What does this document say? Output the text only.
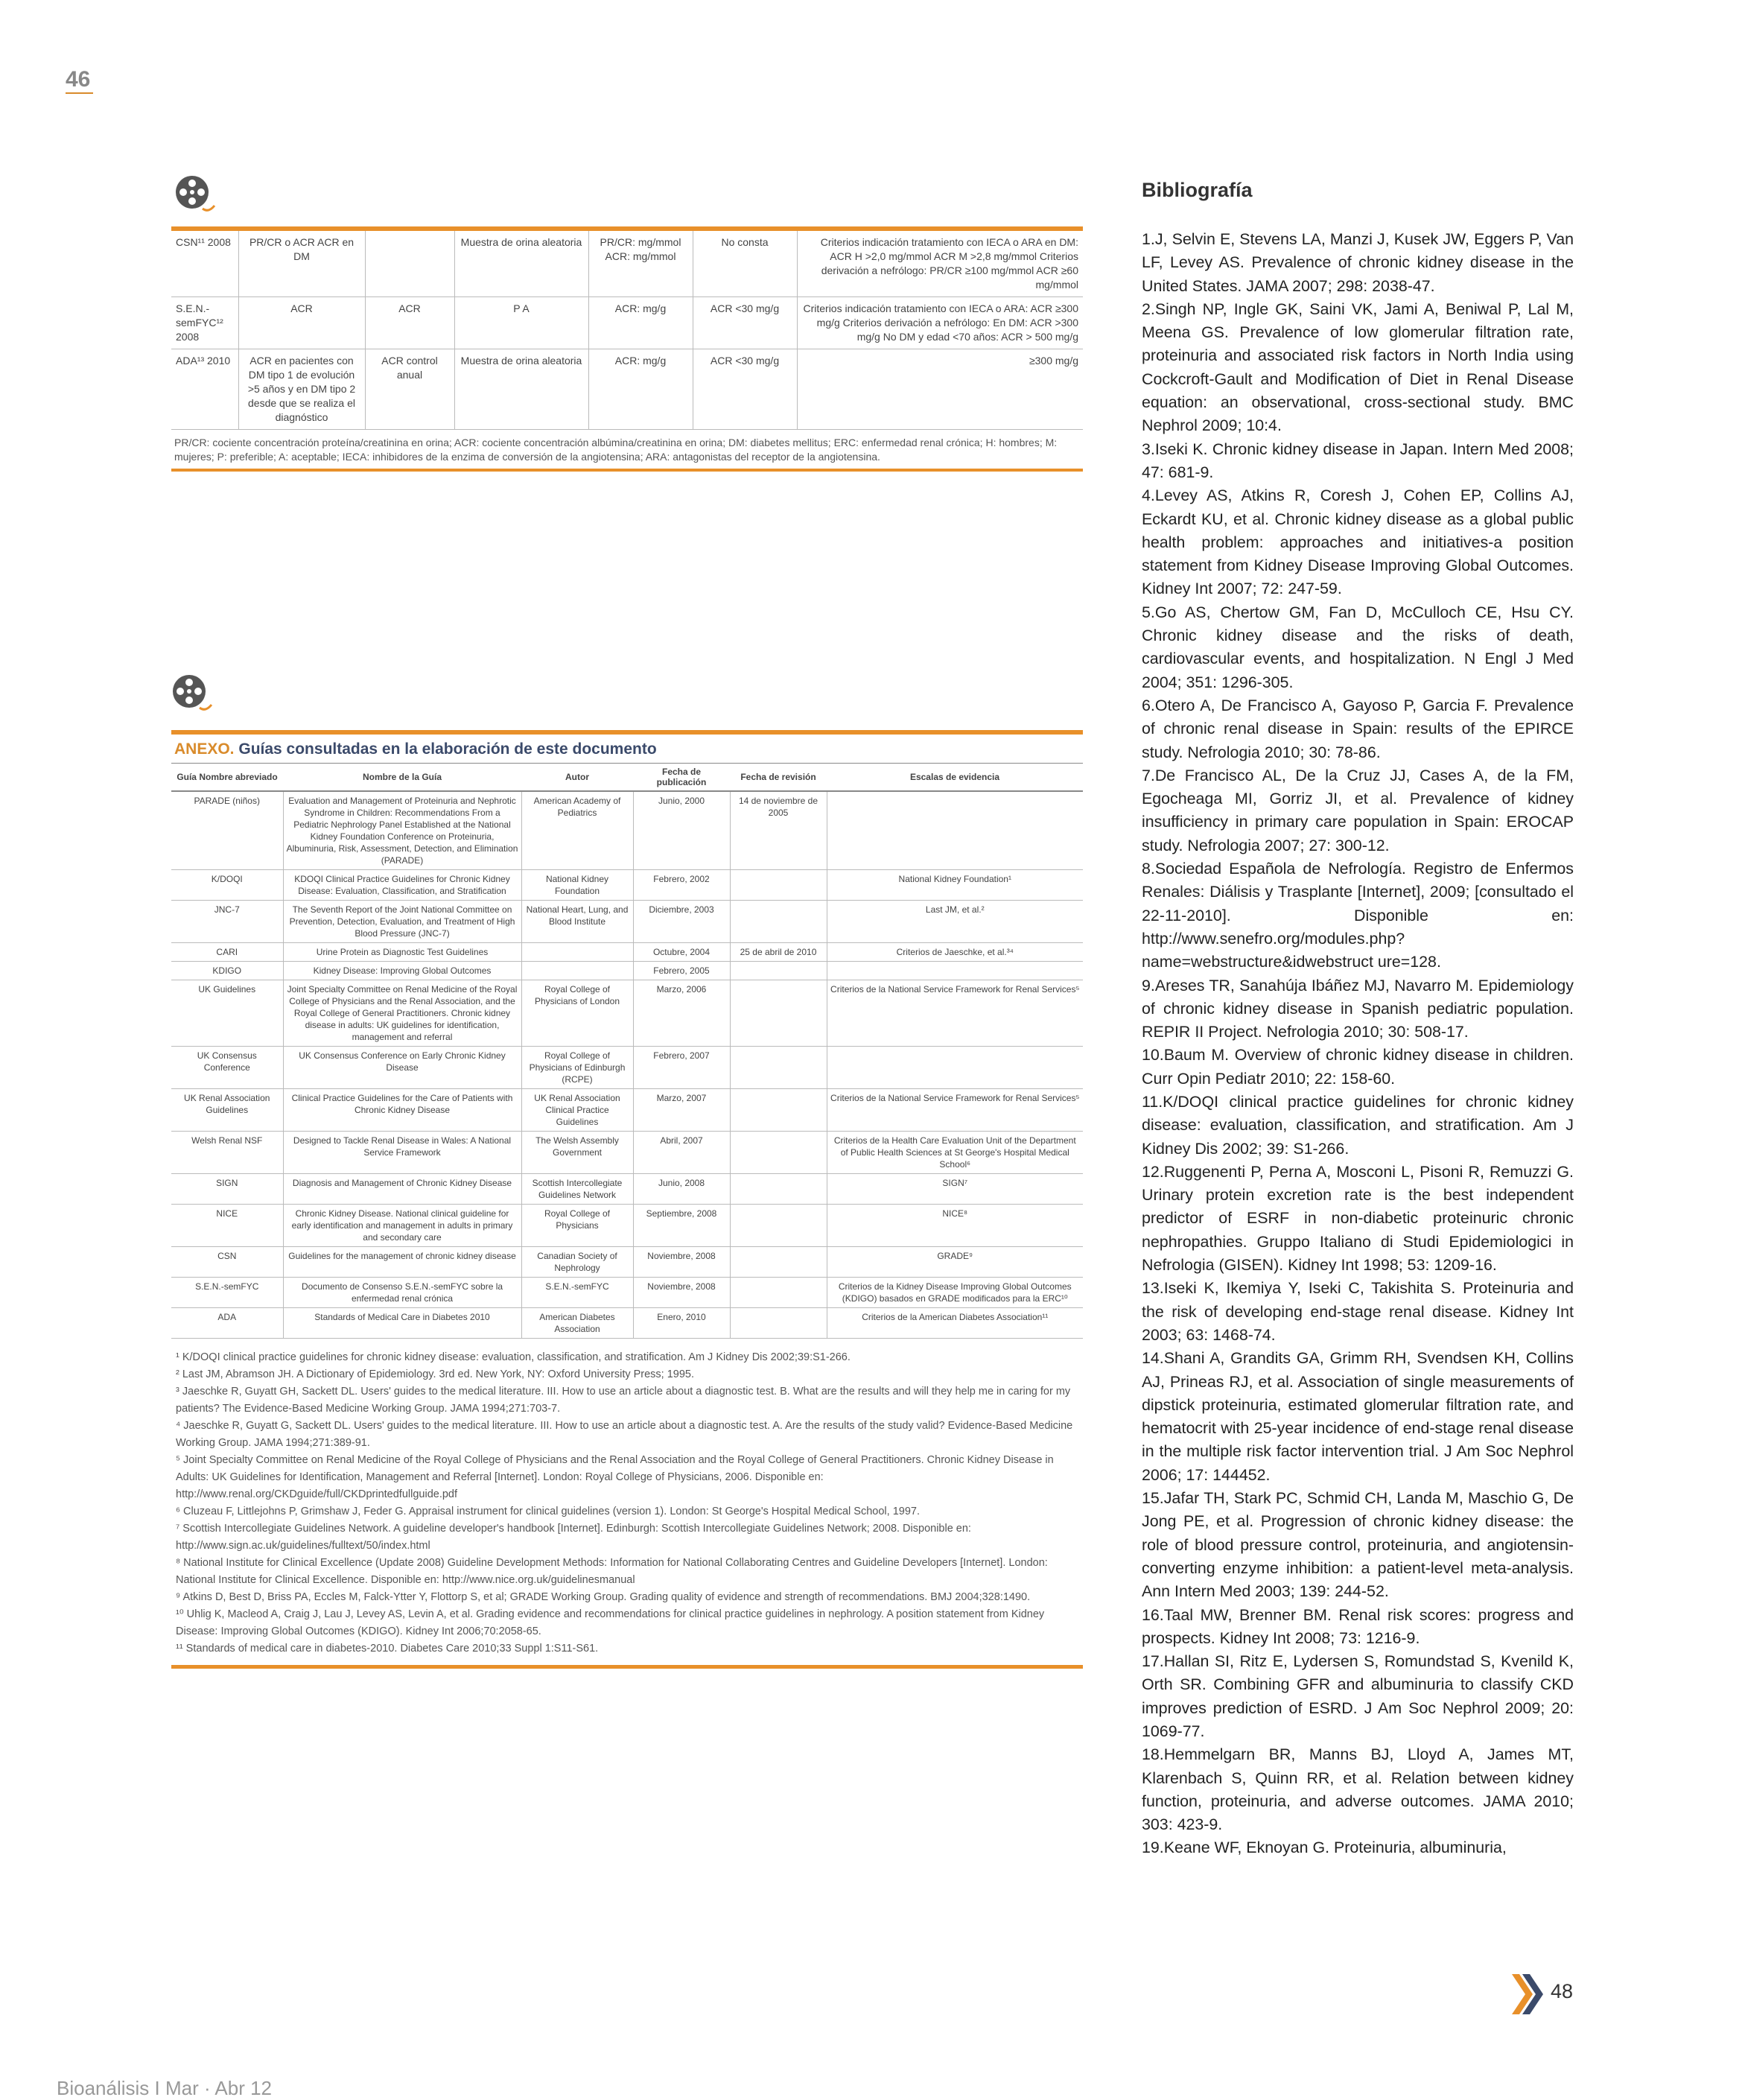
46
CSN¹¹ 2008	PR/CR o ACR ACR en DM		Muestra de orina aleatoria	PR/CR: mg/mmol ACR: mg/mmol	No consta	Criterios indicación tratamiento con IECA o ARA en DM: ACR H >2,0 mg/mmol ACR M >2,8 mg/mmol Criterios derivación a nefrólogo: PR/CR ≥100 mg/mmol ACR ≥60 mg/mmol
S.E.N.-semFYC¹² 2008	ACR	ACR	P A	ACR: mg/g	ACR <30 mg/g	Criterios indicación tratamiento con IECA o ARA: ACR ≥300 mg/g Criterios derivación a nefrólogo: En DM: ACR >300 mg/g No DM y edad <70 años: ACR > 500 mg/g
ADA¹³ 2010	ACR en pacientes con DM tipo 1 de evolución >5 años y en DM tipo 2 desde que se realiza el diagnóstico	ACR control anual	Muestra de orina aleatoria	ACR: mg/g	ACR <30 mg/g	≥300 mg/g
PR/CR: cociente concentración proteína/creatinina en orina; ACR: cociente concentración albúmina/creatinina en orina; DM: diabetes mellitus; ERC: enfermedad renal crónica; H: hombres; M: mujeres; P: preferible; A: aceptable; IECA: inhibidores de la enzima de conversión de la angiotensina; ARA: antagonistas del receptor de la angiotensina.
ANEXO. Guías consultadas en la elaboración de este documento
Guía Nombre abreviado	Nombre de la Guía	Autor	Fecha de publicación	Fecha de revisión	Escalas de evidencia
PARADE (niños)	Evaluation and Management of Proteinuria and Nephrotic Syndrome in Children: Recommendations From a Pediatric Nephrology Panel Established at the National Kidney Foundation Conference on Proteinuria, Albuminuria, Risk, Assessment, Detection, and Elimination (PARADE)	American Academy of Pediatrics	Junio, 2000	14 de noviembre de 2005	
K/DOQI	KDOQI Clinical Practice Guidelines for Chronic Kidney Disease: Evaluation, Classification, and Stratification	National Kidney Foundation	Febrero, 2002		National Kidney Foundation¹
JNC-7	The Seventh Report of the Joint National Committee on Prevention, Detection, Evaluation, and Treatment of High Blood Pressure (JNC-7)	National Heart, Lung, and Blood Institute	Diciembre, 2003		Last JM, et al.²
CARI	Urine Protein as Diagnostic Test Guidelines		Octubre, 2004	25 de abril de 2010	Criterios de Jaeschke, et al.³⁴
KDIGO	Kidney Disease: Improving Global Outcomes		Febrero, 2005		
UK Guidelines	Joint Specialty Committee on Renal Medicine of the Royal College of Physicians and the Renal Association, and the Royal College of General Practitioners. Chronic kidney disease in adults: UK guidelines for identification, management and referral	Royal College of Physicians of London	Marzo, 2006		Criterios de la National Service Framework for Renal Services⁵
UK Consensus Conference	UK Consensus Conference on Early Chronic Kidney Disease	Royal College of Physicians of Edinburgh (RCPE)	Febrero, 2007		
UK Renal Association Guidelines	Clinical Practice Guidelines for the Care of Patients with Chronic Kidney Disease	UK Renal Association Clinical Practice Guidelines	Marzo, 2007		Criterios de la National Service Framework for Renal Services⁵
Welsh Renal NSF	Designed to Tackle Renal Disease in Wales: A National Service Framework	The Welsh Assembly Government	Abril, 2007		Criterios de la Health Care Evaluation Unit of the Department of Public Health Sciences at St George's Hospital Medical School⁶
SIGN	Diagnosis and Management of Chronic Kidney Disease	Scottish Intercollegiate Guidelines Network	Junio, 2008		SIGN⁷
NICE	Chronic Kidney Disease. National clinical guideline for early identification and management in adults in primary and secondary care	Royal College of Physicians	Septiembre, 2008		NICE⁸
CSN	Guidelines for the management of chronic kidney disease	Canadian Society of Nephrology	Noviembre, 2008		GRADE⁹
S.E.N.-semFYC	Documento de Consenso S.E.N.-semFYC sobre la enfermedad renal crónica	S.E.N.-semFYC	Noviembre, 2008		Criterios de la Kidney Disease Improving Global Outcomes (KDIGO) basados en GRADE modificados para la ERC¹⁰
ADA	Standards of Medical Care in Diabetes 2010	American Diabetes Association	Enero, 2010		Criterios de la American Diabetes Association¹¹

¹ K/DOQI clinical practice guidelines for chronic kidney disease: evaluation, classification, and stratification. Am J Kidney Dis 2002;39:S1-266.

² Last JM, Abramson JH. A Dictionary of Epidemiology. 3rd ed. New York, NY: Oxford University Press; 1995.

³ Jaeschke R, Guyatt GH, Sackett DL. Users' guides to the medical literature. III. How to use an article about a diagnostic test. B. What are the results and will they help me in caring for my patients? The Evidence-Based Medicine Working Group. JAMA 1994;271:703-7.

⁴ Jaeschke R, Guyatt G, Sackett DL. Users' guides to the medical literature. III. How to use an article about a diagnostic test. A. Are the results of the study valid? Evidence-Based Medicine Working Group. JAMA 1994;271:389-91.

⁵ Joint Specialty Committee on Renal Medicine of the Royal College of Physicians and the Renal Association and the Royal College of General Practitioners. Chronic Kidney Disease in Adults: UK Guidelines for Identification, Management and Referral [Internet]. London: Royal College of Physicians, 2006. Disponible en: http://www.renal.org/CKDguide/full/CKDprintedfullguide.pdf

⁶ Cluzeau F, Littlejohns P, Grimshaw J, Feder G. Appraisal instrument for clinical guidelines (version 1). London: St George's Hospital Medical School, 1997.

⁷ Scottish Intercollegiate Guidelines Network. A guideline developer's handbook [Internet]. Edinburgh: Scottish Intercollegiate Guidelines Network; 2008. Disponible en: http://www.sign.ac.uk/guidelines/fulltext/50/index.html

⁸ National Institute for Clinical Excellence (Update 2008) Guideline Development Methods: Information for National Collaborating Centres and Guideline Developers [Internet]. London: National Institute for Clinical Excellence. Disponible en: http://www.nice.org.uk/guidelinesmanual

⁹ Atkins D, Best D, Briss PA, Eccles M, Falck-Ytter Y, Flottorp S, et al; GRADE Working Group. Grading quality of evidence and strength of recommendations. BMJ 2004;328:1490.

¹⁰ Uhlig K, Macleod A, Craig J, Lau J, Levey AS, Levin A, et al. Grading evidence and recommendations for clinical practice guidelines in nephrology. A position statement from Kidney Disease: Improving Global Outcomes (KDIGO). Kidney Int 2006;70:2058-65.

¹¹ Standards of medical care in diabetes-2010. Diabetes Care 2010;33 Suppl 1:S11-S61.

Bibliografía

1.J, Selvin E, Stevens LA, Manzi J, Kusek JW, Eggers P, Van LF, Levey AS. Prevalence of chronic kidney disease in the United States. JAMA 2007; 298: 2038-47.

2.Singh NP, Ingle GK, Saini VK, Jami A, Beniwal P, Lal M, Meena GS. Prevalence of low glomerular filtration rate, proteinuria and associated risk factors in North India using Cockcroft-Gault and Modification of Diet in Renal Disease equation: an observational, cross-sectional study. BMC Nephrol 2009; 10:4.

3.Iseki K. Chronic kidney disease in Japan. Intern Med 2008; 47: 681-9.

4.Levey AS, Atkins R, Coresh J, Cohen EP, Collins AJ, Eckardt KU, et al. Chronic kidney disease as a global public health problem: approaches and initiatives-a position statement from Kidney Disease Improving Global Outcomes. Kidney Int 2007; 72: 247-59.

5.Go AS, Chertow GM, Fan D, McCulloch CE, Hsu CY. Chronic kidney disease and the risks of death, cardiovascular events, and hospitalization. N Engl J Med 2004; 351: 1296-305.

6.Otero A, De Francisco A, Gayoso P, Garcia F. Prevalence of chronic renal disease in Spain: results of the EPIRCE study. Nefrologia 2010; 30: 78-86.

7.De Francisco AL, De la Cruz JJ, Cases A, de la FM, Egocheaga MI, Gorriz JI, et al. Prevalence of kidney insufficiency in primary care population in Spain: EROCAP study. Nefrologia 2007; 27: 300-12.

8.Sociedad Española de Nefrología. Registro de Enfermos Renales: Diálisis y Trasplante [Internet], 2009; [consultado el 22-11-2010]. Disponible en: http://www.senefro.org/modules.php?name=webstructure&idwebstruct ure=128.

9.Areses TR, Sanahúja Ibáñez MJ, Navarro M. Epidemiology of chronic kidney disease in Spanish pediatric population. REPIR II Project. Nefrologia 2010; 30: 508-17.

10.Baum M. Overview of chronic kidney disease in children. Curr Opin Pediatr 2010; 22: 158-60.

11.K/DOQI clinical practice guidelines for chronic kidney disease: evaluation, classification, and stratification. Am J Kidney Dis 2002; 39: S1-266.

12.Ruggenenti P, Perna A, Mosconi L, Pisoni R, Remuzzi G. Urinary protein excretion rate is the best independent predictor of ESRF in non-diabetic proteinuric chronic nephropathies. Gruppo Italiano di Studi Epidemiologici in Nefrologia (GISEN). Kidney Int 1998; 53: 1209-16.

13.Iseki K, Ikemiya Y, Iseki C, Takishita S. Proteinuria and the risk of developing end-stage renal disease. Kidney Int 2003; 63: 1468-74.

14.Shani A, Grandits GA, Grimm RH, Svendsen KH, Collins AJ, Prineas RJ, et al. Association of single measurements of dipstick proteinuria, estimated glomerular filtration rate, and hematocrit with 25-year incidence of end-stage renal disease in the multiple risk factor intervention trial. J Am Soc Nephrol 2006; 17: 144452.

15.Jafar TH, Stark PC, Schmid CH, Landa M, Maschio G, De Jong PE, et al. Progression of chronic kidney disease: the role of blood pressure control, proteinuria, and angiotensin-converting enzyme inhibition: a patient-level meta-analysis. Ann Intern Med 2003; 139: 244-52.

16.Taal MW, Brenner BM. Renal risk scores: progress and prospects. Kidney Int 2008; 73: 1216-9.

17.Hallan SI, Ritz E, Lydersen S, Romundstad S, Kvenild K, Orth SR. Combining GFR and albuminuria to classify CKD improves prediction of ESRD. J Am Soc Nephrol 2009; 20: 1069-77.

18.Hemmelgarn BR, Manns BJ, Lloyd A, James MT, Klarenbach S, Quinn RR, et al. Relation between kidney function, proteinuria, and adverse outcomes. JAMA 2010; 303: 423-9.

19.Keane WF, Eknoyan G. Proteinuria, albuminuria,

48
Bioanálisis I Mar · Abr 12
